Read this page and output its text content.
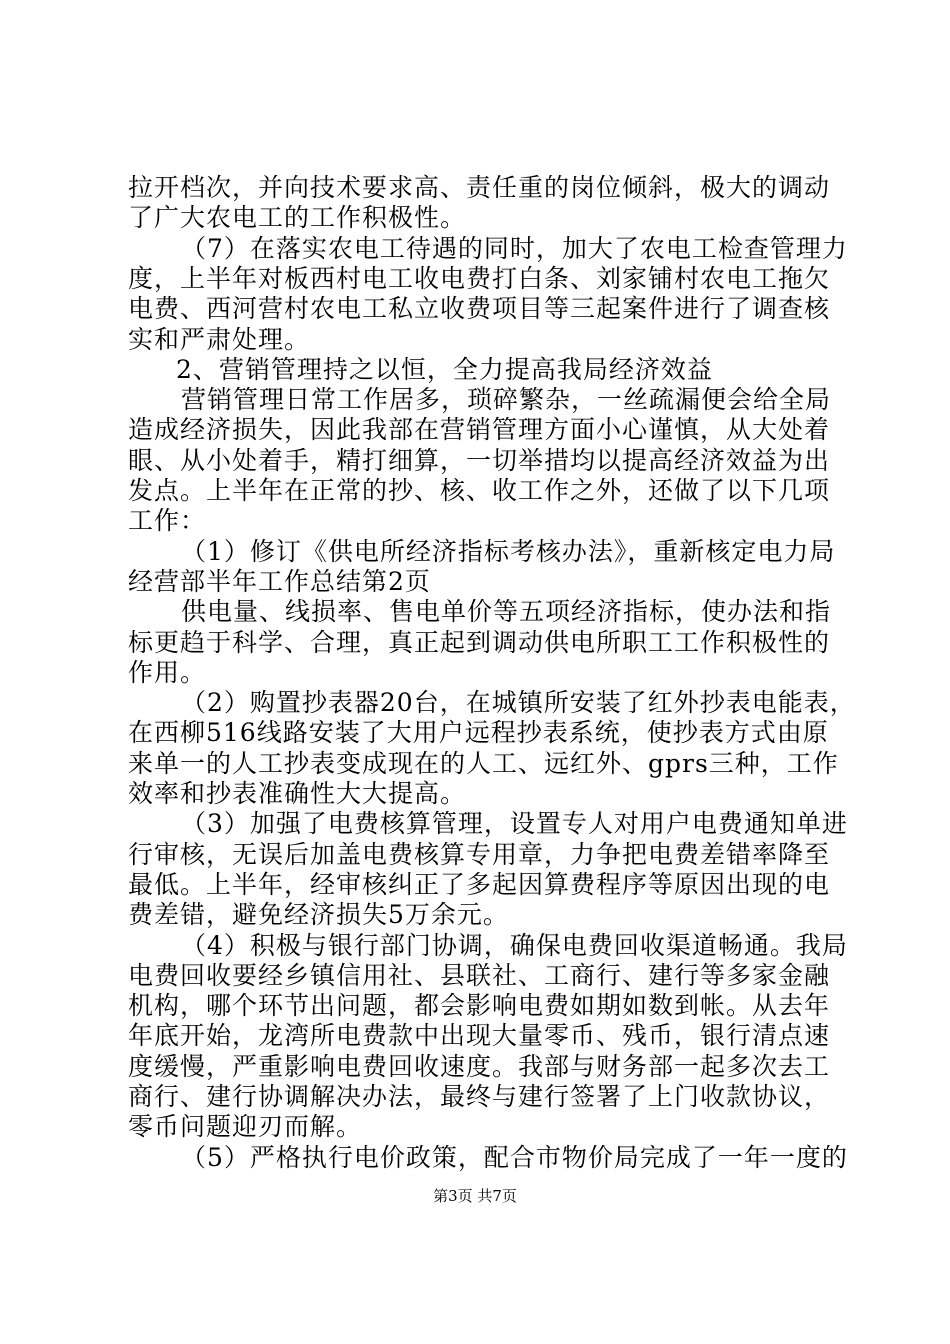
拉开档次，并向技术要求高、责任重的岗位倾斜，极大的调动
了广大农电工的工作积极性。
（7）在落实农电工待遇的同时，加大了农电工检查管理力
度，上半年对板西村电工收电费打白条、刘家铺村农电工拖欠
电费、西河营村农电工私立收费项目等三起案件进行了调查核
实和严肃处理。
2、营销管理持之以恒，全力提高我局经济效益
营销管理日常工作居多，琐碎繁杂，一丝疏漏便会给全局
造成经济损失，因此我部在营销管理方面小心谨慎，从大处着
眼、从小处着手，精打细算，一切举措均以提高经济效益为出
发点。上半年在正常的抄、核、收工作之外，还做了以下几项
工作：
（1）修订《供电所经济指标考核办法》，重新核定电力局
经营部半年工作总结第2页
供电量、线损率、售电单价等五项经济指标，使办法和指
标更趋于科学、合理，真正起到调动供电所职工工作积极性的
作用。
（2）购置抄表器20台，在城镇所安装了红外抄表电能表，
在西柳516线路安装了大用户远程抄表系统，使抄表方式由原
来单一的人工抄表变成现在的人工、远红外、gprs三种，工作
效率和抄表准确性大大提高。
（3）加强了电费核算管理，设置专人对用户电费通知单进
行审核，无误后加盖电费核算专用章，力争把电费差错率降至
最低。上半年，经审核纠正了多起因算费程序等原因出现的电
费差错，避免经济损失5万余元。
（4）积极与银行部门协调，确保电费回收渠道畅通。我局
电费回收要经乡镇信用社、县联社、工商行、建行等多家金融
机构，哪个环节出问题，都会影响电费如期如数到帐。从去年
年底开始，龙湾所电费款中出现大量零币、残币，银行清点速
度缓慢，严重影响电费回收速度。我部与财务部一起多次去工
商行、建行协调解决办法，最终与建行签署了上门收款协议，
零币问题迎刃而解。
（5）严格执行电价政策，配合市物价局完成了一年一度的
第3页 共7页
